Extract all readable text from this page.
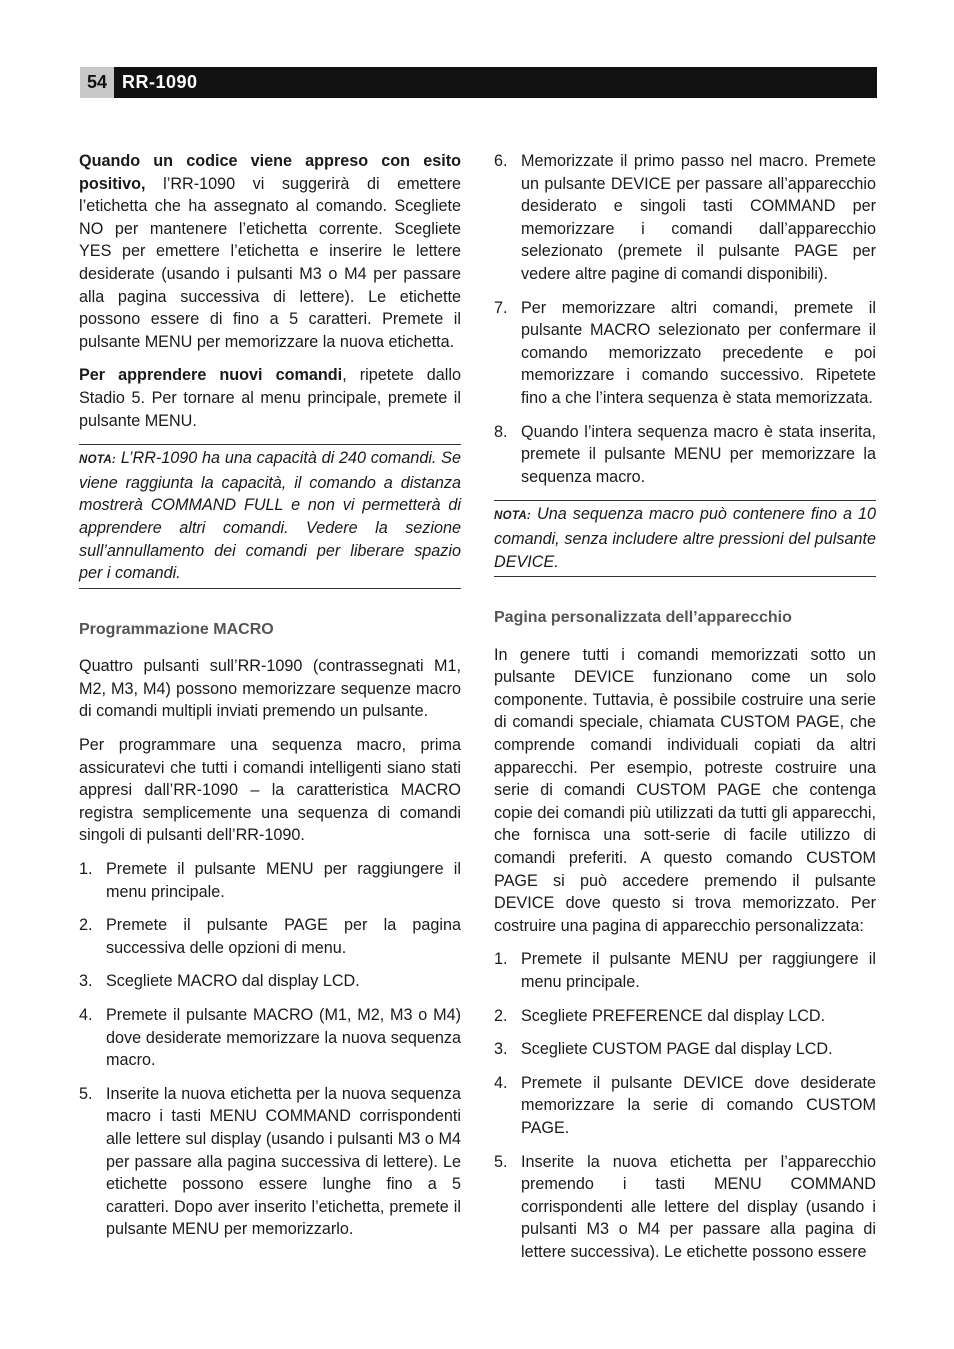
54 RR-1090

Quando un codice viene appreso con esito positivo, l’RR-1090 vi suggerirà di emettere l’etichetta che ha assegnato al comando. Scegliete NO per mantenere l’etichetta corrente. Scegliete YES per emettere l’etichetta e inserire le lettere desiderate (usando i pulsanti M3 o M4 per passare alla pagina successiva di lettere). Le etichette possono essere di fino a 5 caratteri. Premete il pulsante MENU per memorizzare la nuova etichetta.

Per apprendere nuovi comandi, ripetete dallo Stadio 5. Per tornare al menu principale, premete il pulsante MENU.

NOTA: L’RR-1090 ha una capacità di 240 comandi. Se viene raggiunta la capacità, il comando a distanza mostrerà COMMAND FULL e non vi permetterà di apprendere altri comandi. Vedere la sezione sull’annullamento dei comandi per liberare spazio per i comandi.
Programmazione MACRO

Quattro pulsanti sull’RR-1090 (contrassegnati M1, M2, M3, M4) possono memorizzare sequenze macro di comandi multipli inviati premendo un pulsante.

Per programmare una sequenza macro, prima assicuratevi che tutti i comandi intelligenti siano stati appresi dall’RR-1090 – la caratteristica MACRO registra semplicemente una sequenza di comandi singoli di pulsanti dell’RR-1090.

1. Premete il pulsante MENU per raggiungere il menu principale.
2. Premete il pulsante PAGE per la pagina successiva delle opzioni di menu.
3. Scegliete MACRO dal display LCD.
4. Premete il pulsante MACRO (M1, M2, M3 o M4) dove desiderate memorizzare la nuova sequenza macro.
5. Inserite la nuova etichetta per la nuova sequenza macro i tasti MENU COMMAND corrispondenti alle lettere sul display (usando i pulsanti M3 o M4 per passare alla pagina successiva di lettere). Le etichette possono essere lunghe fino a 5 caratteri. Dopo aver inserito l’etichetta, premete il pulsante MENU per memorizzarlo.
6. Memorizzate il primo passo nel macro. Premete un pulsante DEVICE per passare all’apparecchio desiderato e singoli tasti COMMAND per memorizzare i comandi dall’apparecchio selezionato (premete il pulsante PAGE per vedere altre pagine di comandi disponibili).
7. Per memorizzare altri comandi, premete il pulsante MACRO selezionato per confermare il comando memorizzato precedente e poi memorizzare i comando successivo. Ripetete fino a che l’intera sequenza è stata memorizzata.
8. Quando l’intera sequenza macro è stata inserita, premete il pulsante MENU per memorizzare la sequenza macro.
NOTA: Una sequenza macro può contenere fino a 10 comandi, senza includere altre pressioni del pulsante DEVICE.
Pagina personalizzata dell’apparecchio

In genere tutti i comandi memorizzati sotto un pulsante DEVICE funzionano come un solo componente. Tuttavia, è possibile costruire una serie di comandi speciale, chiamata CUSTOM PAGE, che comprende comandi individuali copiati da altri apparecchi. Per esempio, potreste costruire una serie di comandi CUSTOM PAGE che contenga copie dei comandi più utilizzati da tutti gli apparecchi, che fornisca una sott-serie di facile utilizzo di comandi preferiti. A questo comando CUSTOM PAGE si può accedere premendo il pulsante DEVICE dove questo si trova memorizzato. Per costruire una pagina di apparecchio personalizzata:

1. Premete il pulsante MENU per raggiungere il menu principale.
2. Scegliete PREFERENCE dal display LCD.
3. Scegliete CUSTOM PAGE dal display LCD.
4. Premete il pulsante DEVICE dove desiderate memorizzare la serie di comando CUSTOM PAGE.
5. Inserite la nuova etichetta per l’apparecchio premendo i tasti MENU COMMAND corrispondenti alle lettere del display (usando i pulsanti M3 o M4 per passare alla pagina di lettere successiva). Le etichette possono essere
